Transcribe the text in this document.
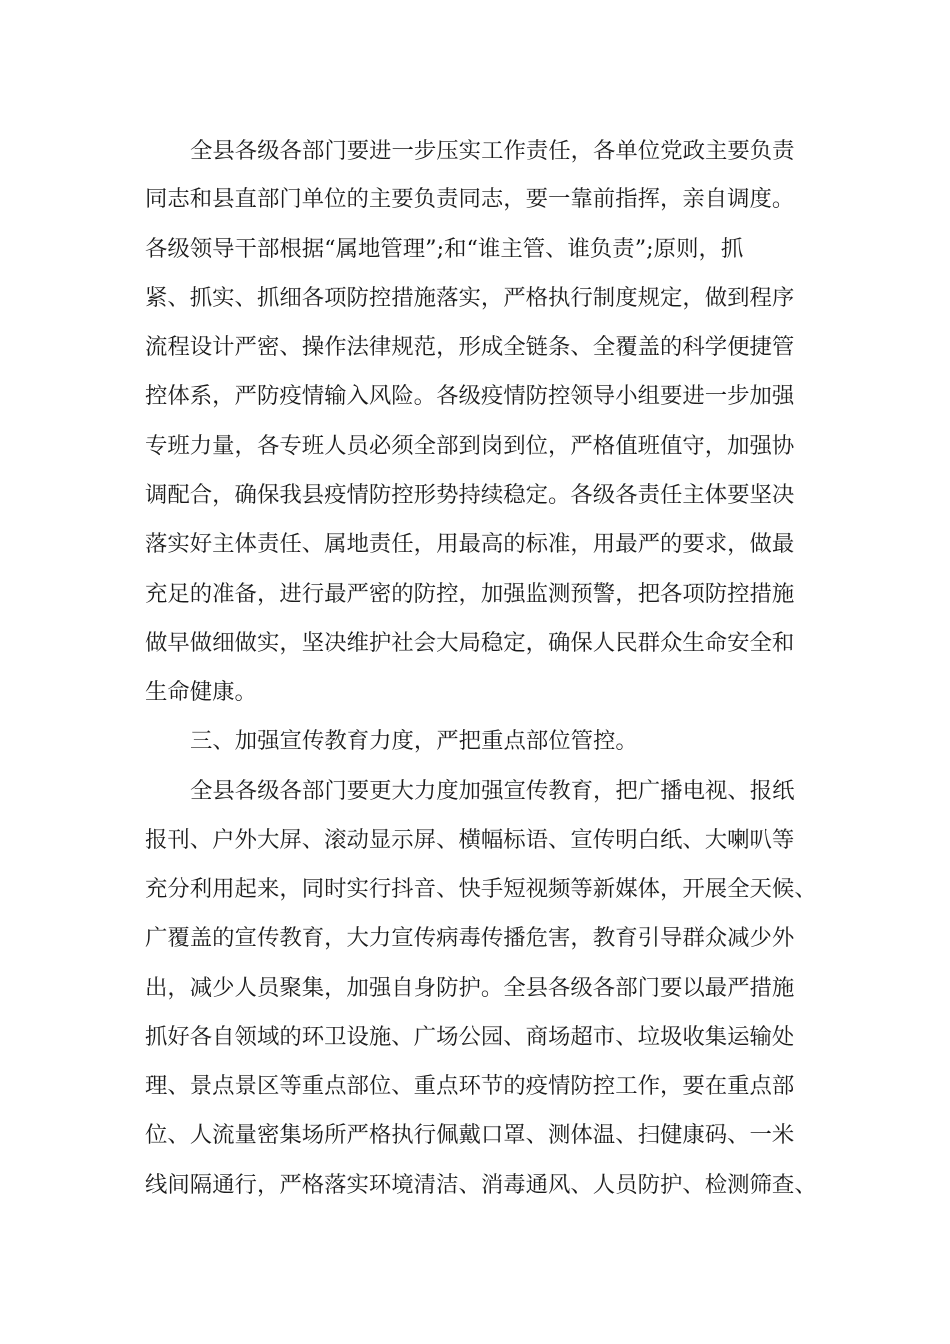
全县各级各部门要进一步压实工作责任，各单位党政主要负责
同志和县直部门单位的主要负责同志，要一靠前指挥，亲自调度。
各级领导干部根据“属地管理”;和“谁主管、谁负责”;原则，抓
紧、抓实、抓细各项防控措施落实，严格执行制度规定，做到程序
流程设计严密、操作法律规范，形成全链条、全覆盖的科学便捷管
控体系，严防疫情输入风险。各级疫情防控领导小组要进一步加强
专班力量，各专班人员必须全部到岗到位，严格值班值守，加强协
调配合，确保我县疫情防控形势持续稳定。各级各责任主体要坚决
落实好主体责任、属地责任，用最高的标准，用最严的要求，做最
充足的准备，进行最严密的防控，加强监测预警，把各项防控措施
做早做细做实，坚决维护社会大局稳定，确保人民群众生命安全和
生命健康。
三、加强宣传教育力度，严把重点部位管控。
全县各级各部门要更大力度加强宣传教育，把广播电视、报纸
报刊、户外大屏、滚动显示屏、横幅标语、宣传明白纸、大喇叭等
充分利用起来，同时实行抖音、快手短视频等新媒体，开展全天候、
广覆盖的宣传教育，大力宣传病毒传播危害，教育引导群众减少外
出，减少人员聚集，加强自身防护。全县各级各部门要以最严措施
抓好各自领域的环卫设施、广场公园、商场超市、垃圾收集运输处
理、景点景区等重点部位、重点环节的疫情防控工作，要在重点部
位、人流量密集场所严格执行佩戴口罩、测体温、扫健康码、一米
线间隔通行，严格落实环境清洁、消毒通风、人员防护、检测筛查、
